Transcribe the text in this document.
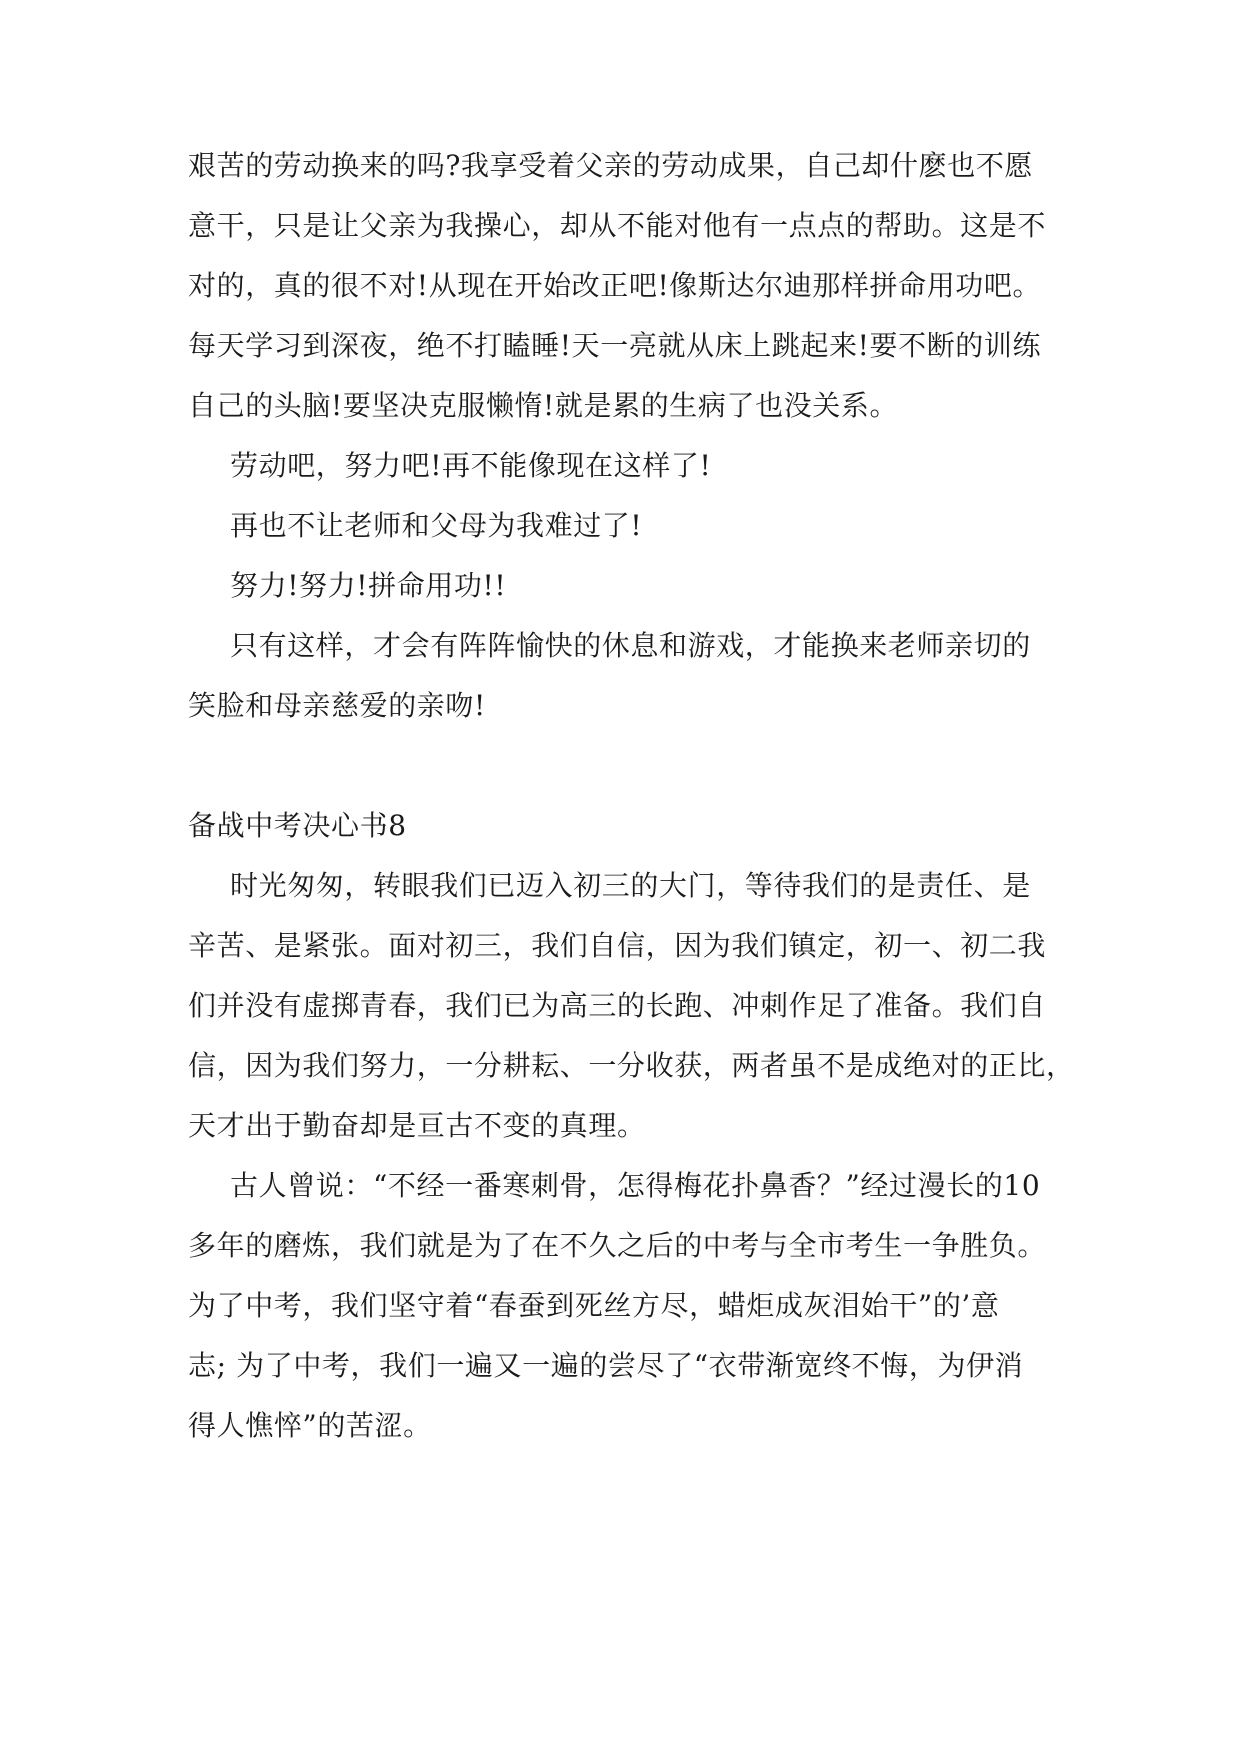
艰苦的劳动换来的吗?我享受着父亲的劳动成果，自己却什麽也不愿
意干，只是让父亲为我操心，却从不能对他有一点点的帮助。这是不
对的，真的很不对!从现在开始改正吧!像斯达尔迪那样拼命用功吧。
每天学习到深夜，绝不打瞌睡!天一亮就从床上跳起来!要不断的训练
自己的头脑!要坚决克服懒惰!就是累的生病了也没关系。
劳动吧，努力吧!再不能像现在这样了!
再也不让老师和父母为我难过了!
努力!努力!拼命用功!!
只有这样，才会有阵阵愉快的休息和游戏，才能换来老师亲切的
笑脸和母亲慈爱的亲吻!
备战中考决心书8
时光匆匆，转眼我们已迈入初三的大门，等待我们的是责任、是
辛苦、是紧张。面对初三，我们自信，因为我们镇定，初一、初二我
们并没有虚掷青春，我们已为高三的长跑、冲刺作足了准备。我们自
信，因为我们努力，一分耕耘、一分收获，两者虽不是成绝对的正比，
天才出于勤奋却是亘古不变的真理。
古人曾说：“不经一番寒刺骨，怎得梅花扑鼻香？”经过漫长的10
多年的磨炼，我们就是为了在不久之后的中考与全市考生一争胜负。
为了中考，我们坚守着“春蚕到死丝方尽，蜡炬成灰泪始干”的’意
志; 为了中考，我们一遍又一遍的尝尽了“衣带渐宽终不悔，为伊消
得人憔悴”的苦涩。
